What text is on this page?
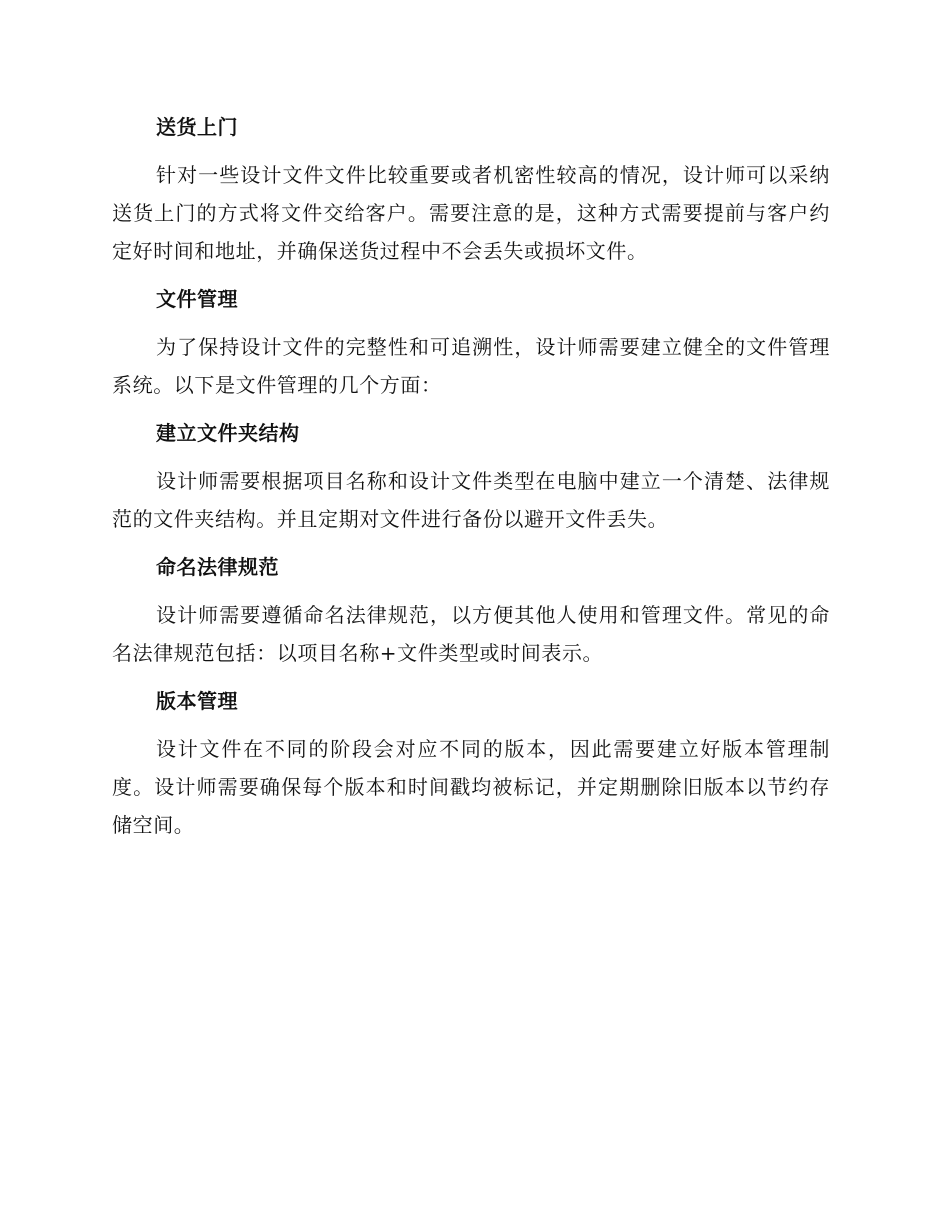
送货上门
针对一些设计文件文件比较重要或者机密性较高的情况，设计师可以采纳送货上门的方式将文件交给客户。需要注意的是，这种方式需要提前与客户约定好时间和地址，并确保送货过程中不会丢失或损坏文件。
文件管理
为了保持设计文件的完整性和可追溯性，设计师需要建立健全的文件管理系统。以下是文件管理的几个方面：
建立文件夹结构
设计师需要根据项目名称和设计文件类型在电脑中建立一个清楚、法律规范的文件夹结构。并且定期对文件进行备份以避开文件丢失。
命名法律规范
设计师需要遵循命名法律规范，以方便其他人使用和管理文件。常见的命名法律规范包括：以项目名称+文件类型或时间表示。
版本管理
设计文件在不同的阶段会对应不同的版本，因此需要建立好版本管理制度。设计师需要确保每个版本和时间戳均被标记，并定期删除旧版本以节约存储空间。
